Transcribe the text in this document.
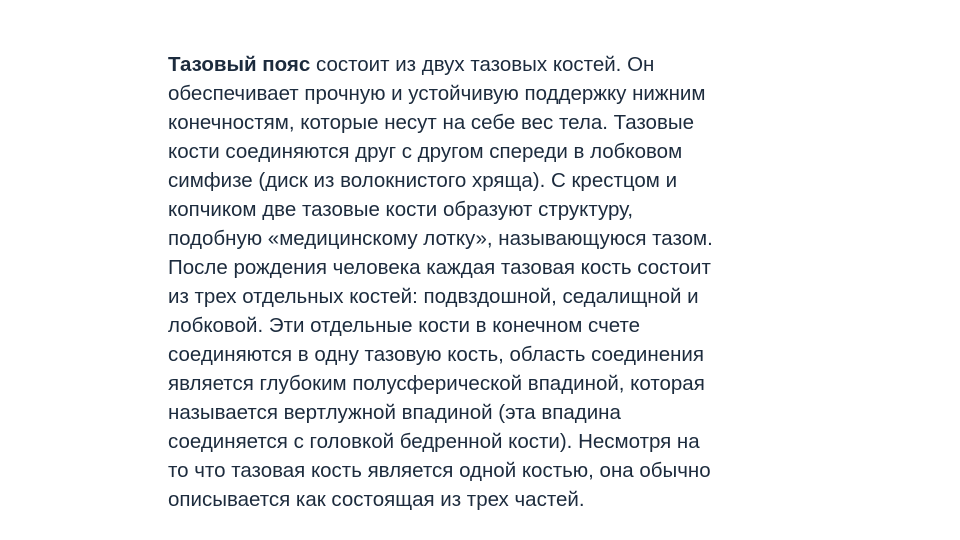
Тазовый пояс состоит из двух тазовых костей. Он
обеспечивает прочную и устойчивую поддержку нижним
конечностям, которые несут на себе вес тела. Тазовые
кости соединяются друг с другом спереди в лобковом
симфизе (диск из волокнистого хряща). С крестцом и
копчиком две тазовые кости образуют структуру,
подобную «медицинскому лотку», называющуюся тазом.
После рождения человека каждая тазовая кость состоит
из трех отдельных костей: подвздошной, седалищной и
лобковой. Эти отдельные кости в конечном счете
соединяются в одну тазовую кость, область соединения
является глубоким полусферической впадиной, которая
называется вертлужной впадиной (эта впадина
соединяется с головкой бедренной кости). Несмотря на
то что тазовая кость является одной костью, она обычно
описывается как состоящая из трех частей.
